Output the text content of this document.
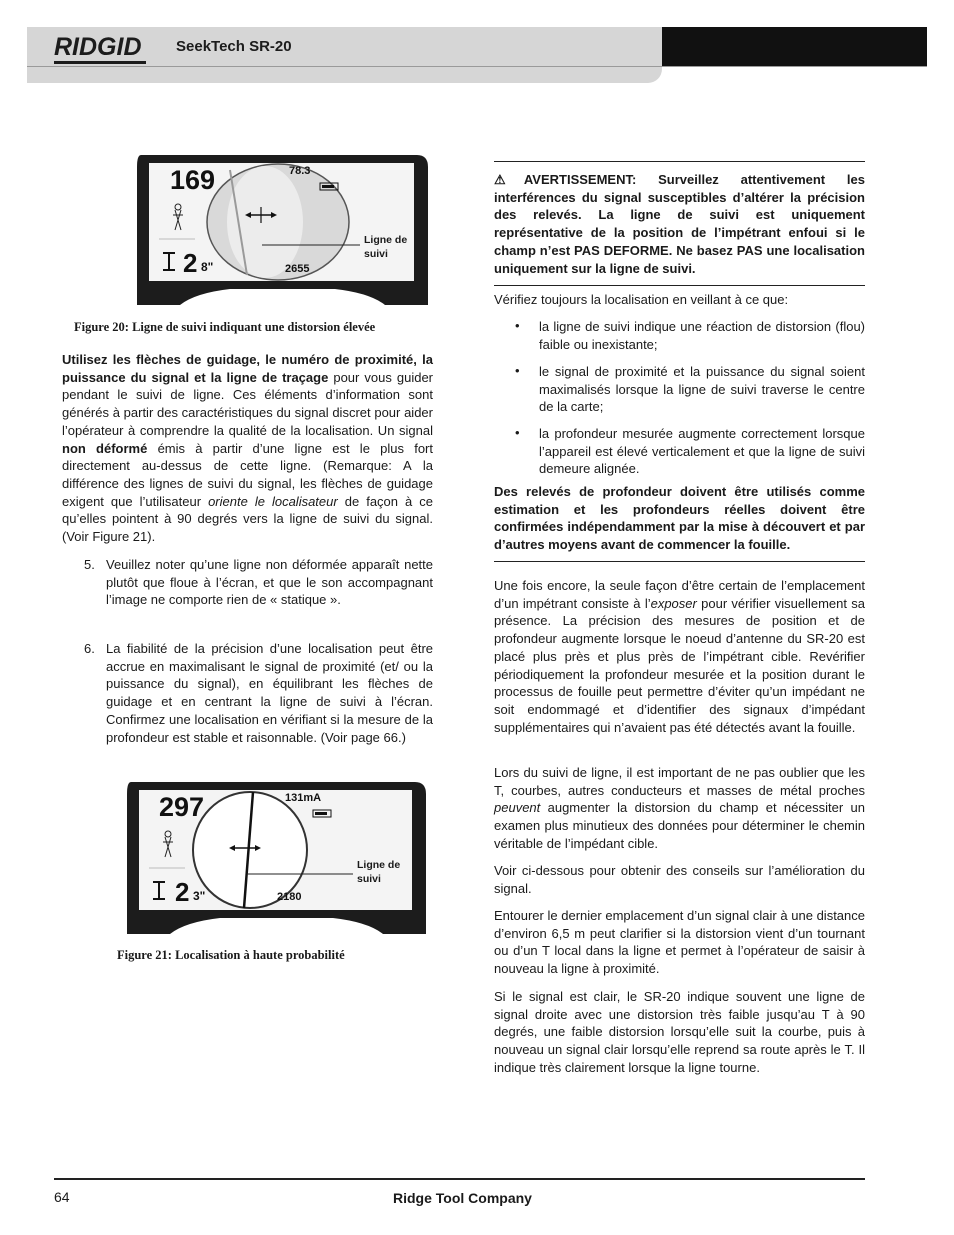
RIDGID SeekTech SR-20
169	78.3
2 8"	2655
Ligne de
suivi
Figure 20: Ligne de suivi indiquant une distorsion élevée
Utilisez les flèches de guidage, le numéro de proximité, la puissance du signal et la ligne de traçage pour vous guider pendant le suivi de ligne. Ces éléments d’information sont générés à partir des caractéristiques du signal discret pour aider l’opérateur à comprendre la qualité de la localisation. Un signal non déformé émis à partir d’une ligne est le plus fort directement au-dessus de cette ligne. (Remarque: A la différence des lignes de suivi du signal, les flèches de guidage exigent que l’utilisateur oriente le localisateur de façon à ce qu’elles pointent à 90 degrés vers la ligne de suivi du signal. (Voir Figure 21).
5. Veuillez noter qu’une ligne non déformée apparaît nette plutôt que floue à l’écran, et que le son accompagnant l’image ne comporte rien de « statique ».
6. La fiabilité de la précision d’une localisation peut être accrue en maximalisant le signal de proximité (et/ ou la puissance du signal), en équilibrant les flèches de guidage et en centrant la ligne de suivi à l’écran. Confirmez une localisation en vérifiant si la mesure de la profondeur est stable et raisonnable. (Voir page 66.)
297	131mA
2 3"	2180
Ligne de
suivi
Figure 21: Localisation à haute probabilité
⚠AVERTISSEMENT: Surveillez attentivement les interférences du signal susceptibles d’altérer la précision des relevés. La ligne de suivi est uniquement représentative de la position de l’impétrant enfoui si le champ n’est PAS DEFORME. Ne basez PAS une localisation uniquement sur la ligne de suivi.
Vérifiez toujours la localisation en veillant à ce que:
• la ligne de suivi indique une réaction de distorsion (flou) faible ou inexistante;
• le signal de proximité et la puissance du signal soient maximalisés lorsque la ligne de suivi traverse le centre de la carte;
• la profondeur mesurée augmente correctement lorsque l’appareil est élevé verticalement et que la ligne de suivi demeure alignée.
Des relevés de profondeur doivent être utilisés comme estimation et les profondeurs réelles doivent être confirmées indépendamment par la mise à découvert et par d’autres moyens avant de commencer la fouille.
Une fois encore, la seule façon d’être certain de l’emplacement d’un impétrant consiste à l’exposer pour vérifier visuellement sa présence. La précision des mesures de position et de profondeur augmente lorsque le noeud d’antenne du SR-20 est placé plus près et plus près de l’impétrant cible. Revérifier périodiquement la profondeur mesurée et la position durant le processus de fouille peut permettre d’éviter qu’un impédant ne soit endommagé et d’identifier des signaux d’impédant supplémentaires qui n’avaient pas été détectés avant la fouille.
Lors du suivi de ligne, il est important de ne pas oublier que les T, courbes, autres conducteurs et masses de métal proches peuvent augmenter la distorsion du champ et nécessiter un examen plus minutieux des données pour déterminer le chemin véritable de l’impédant cible.
Voir ci-dessous pour obtenir des conseils sur l’amélioration du signal.
Entourer le dernier emplacement d’un signal clair à une distance d’environ 6,5 m peut clarifier si la distorsion vient d’un tournant ou d’un T local dans la ligne et permet à l’opérateur de saisir à nouveau la ligne à proximité.
Si le signal est clair, le SR-20 indique souvent une ligne de signal droite avec une distorsion très faible jusqu’au T à 90 degrés, une faible distorsion lorsqu’elle suit la courbe, puis à nouveau un signal clair lorsqu’elle reprend sa route après le T. Il indique très clairement lorsque la ligne tourne.
64	Ridge Tool Company
